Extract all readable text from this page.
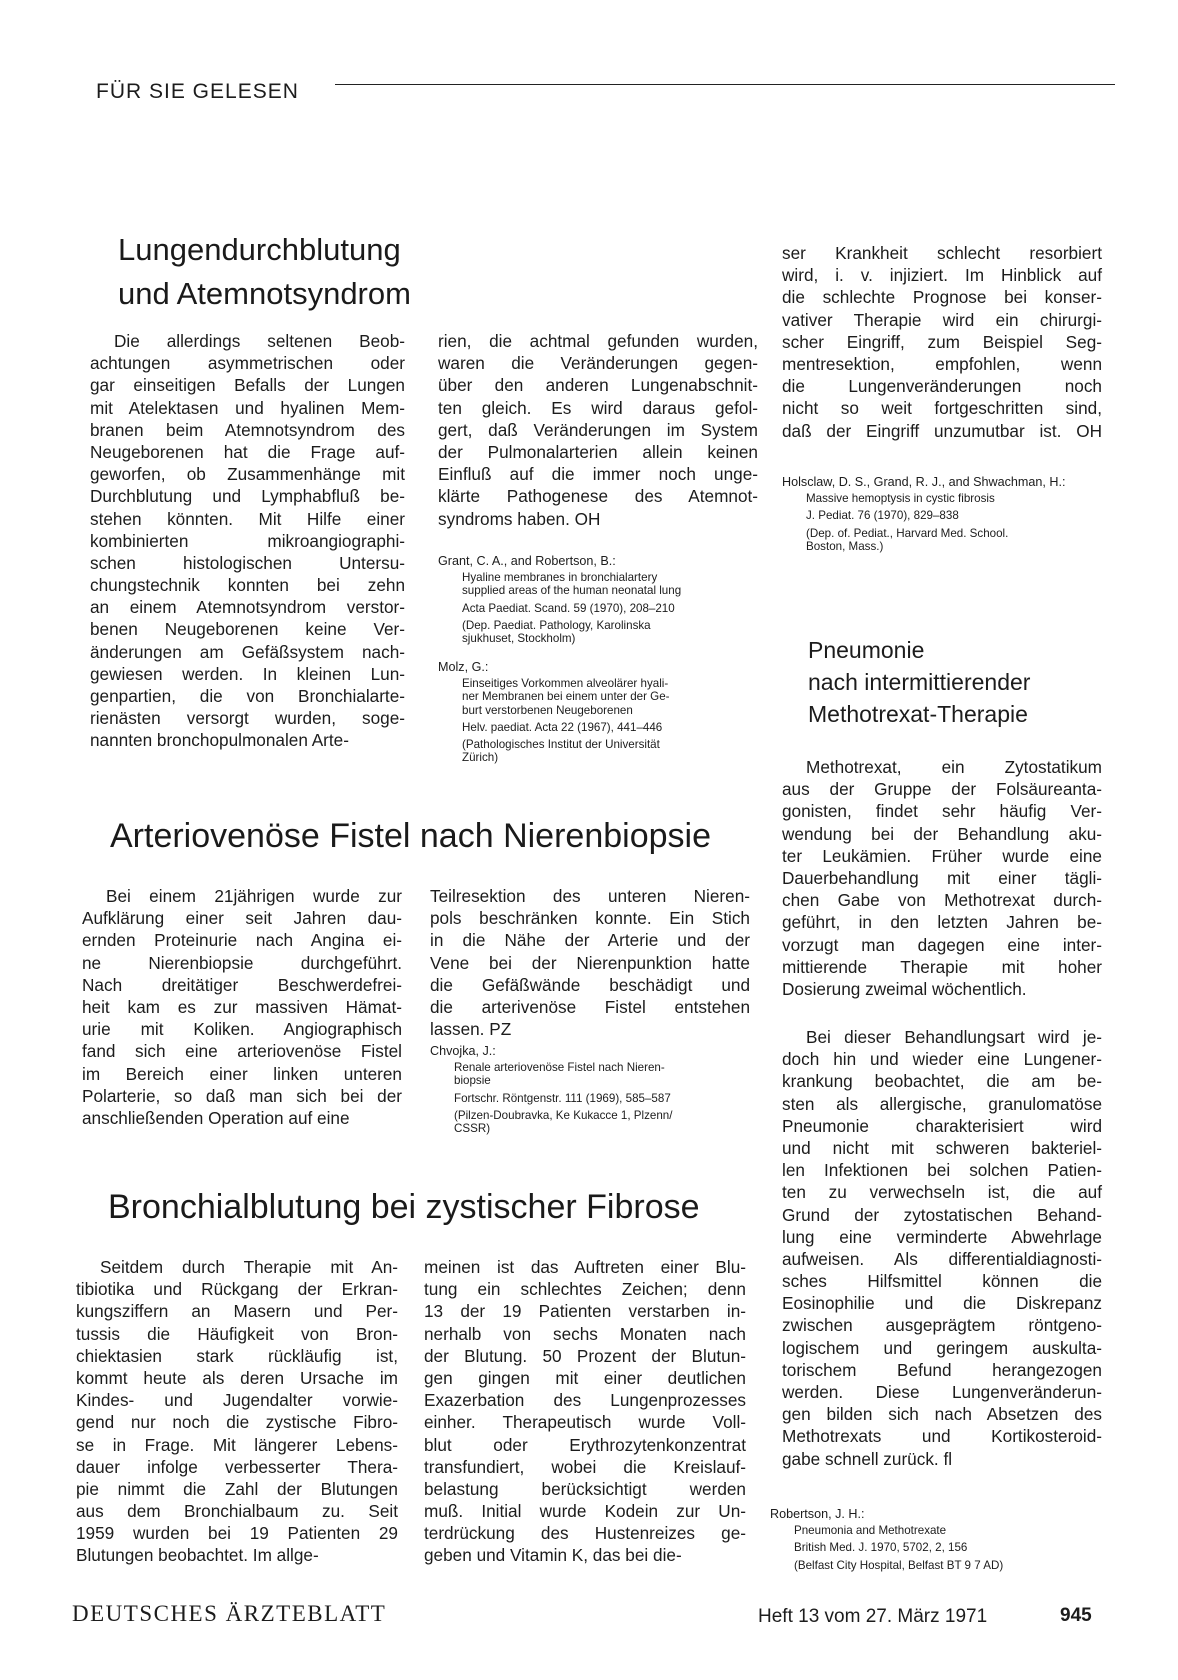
FÜR SIE GELESEN
Lungendurchblutung
und Atemnotsyndrom
Die allerdings seltenen Beob-
achtungen asymmetrischen oder
gar einseitigen Befalls der Lungen
mit Atelektasen und hyalinen Mem-
branen beim Atemnotsyndrom des
Neugeborenen hat die Frage auf-
geworfen, ob Zusammenhänge mit
Durchblutung und Lymphabfluß be-
stehen könnten. Mit Hilfe einer
kombinierten mikroangiographi-
schen histologischen Untersu-
chungstechnik konnten bei zehn
an einem Atemnotsyndrom verstor-
benen Neugeborenen keine Ver-
änderungen am Gefäßsystem nach-
gewiesen werden. In kleinen Lun-
genpartien, die von Bronchialarte-
rienästen versorgt wurden, soge-
nannten bronchopulmonalen Arte-
rien, die achtmal gefunden wurden,
waren die Veränderungen gegen-
über den anderen Lungenabschnit-
ten gleich. Es wird daraus gefol-
gert, daß Veränderungen im System
der Pulmonalarterien allein keinen
Einfluß auf die immer noch unge-
klärte Pathogenese des Atemnot-
syndroms haben. OH
Grant, C. A., and Robertson, B.:
Hyaline membranes in bronchialartery
supplied areas of the human neonatal lung
Acta Paediat. Scand. 59 (1970), 208–210
(Dep. Paediat. Pathology, Karolinska
sjukhuset, Stockholm)
Molz, G.:
Einseitiges Vorkommen alveolärer hyali-
ner Membranen bei einem unter der Ge-
burt verstorbenen Neugeborenen
Helv. paediat. Acta 22 (1967), 441–446
(Pathologisches Institut der Universität
Zürich)
Arteriovenöse Fistel nach Nierenbiopsie
Bei einem 21jährigen wurde zur
Aufklärung einer seit Jahren dau-
ernden Proteinurie nach Angina ei-
ne Nierenbiopsie durchgeführt.
Nach dreitätiger Beschwerdefrei-
heit kam es zur massiven Hämat-
urie mit Koliken. Angiographisch
fand sich eine arteriovenöse Fistel
im Bereich einer linken unteren
Polarterie, so daß man sich bei der
anschließenden Operation auf eine
Teilresektion des unteren Nieren-
pols beschränken konnte. Ein Stich
in die Nähe der Arterie und der
Vene bei der Nierenpunktion hatte
die Gefäßwände beschädigt und
die arterivenöse Fistel entstehen
lassen. PZ
Chvojka, J.:
Renale arteriovenöse Fistel nach Nieren-
biopsie
Fortschr. Röntgenstr. 111 (1969), 585–587
(Pilzen-Doubravka, Ke Kukacce 1, Plzenn/
CSSR)
Bronchialblutung bei zystischer Fibrose
Seitdem durch Therapie mit An-
tibiotika und Rückgang der Erkran-
kungsziffern an Masern und Per-
tussis die Häufigkeit von Bron-
chiektasien stark rückläufig ist,
kommt heute als deren Ursache im
Kindes- und Jugendalter vorwie-
gend nur noch die zystische Fibro-
se in Frage. Mit längerer Lebens-
dauer infolge verbesserter Thera-
pie nimmt die Zahl der Blutungen
aus dem Bronchialbaum zu. Seit
1959 wurden bei 19 Patienten 29
Blutungen beobachtet. Im allge-
meinen ist das Auftreten einer Blu-
tung ein schlechtes Zeichen; denn
13 der 19 Patienten verstarben in-
nerhalb von sechs Monaten nach
der Blutung. 50 Prozent der Blutun-
gen gingen mit einer deutlichen
Exazerbation des Lungenprozesses
einher. Therapeutisch wurde Voll-
blut oder Erythrozytenkonzentrat
transfundiert, wobei die Kreislauf-
belastung berücksichtigt werden
muß. Initial wurde Kodein zur Un-
terdrückung des Hustenreizes ge-
geben und Vitamin K, das bei die-
ser Krankheit schlecht resorbiert
wird, i. v. injiziert. Im Hinblick auf
die schlechte Prognose bei konser-
vativer Therapie wird ein chirurgi-
scher Eingriff, zum Beispiel Seg-
mentresektion, empfohlen, wenn
die Lungenveränderungen noch
nicht so weit fortgeschritten sind,
daß der Eingriff unzumutbar ist. OH
Holsclaw, D. S., Grand, R. J., and Shwachman, H.:
Massive hemoptysis in cystic fibrosis
J. Pediat. 76 (1970), 829–838
(Dep. of. Pediat., Harvard Med. School.
Boston, Mass.)
Pneumonie
nach intermittierender
Methotrexat-Therapie
Methotrexat, ein Zytostatikum
aus der Gruppe der Folsäureanta-
gonisten, findet sehr häufig Ver-
wendung bei der Behandlung aku-
ter Leukämien. Früher wurde eine
Dauerbehandlung mit einer tägli-
chen Gabe von Methotrexat durch-
geführt, in den letzten Jahren be-
vorzugt man dagegen eine inter-
mittierende Therapie mit hoher
Dosierung zweimal wöchentlich.
Bei dieser Behandlungsart wird je-
doch hin und wieder eine Lungener-
krankung beobachtet, die am be-
sten als allergische, granulomatöse
Pneumonie charakterisiert wird
und nicht mit schweren bakteriel-
len Infektionen bei solchen Patien-
ten zu verwechseln ist, die auf
Grund der zytostatischen Behand-
lung eine verminderte Abwehrlage
aufweisen. Als differentialdiagnosti-
sches Hilfsmittel können die
Eosinophilie und die Diskrepanz
zwischen ausgeprägtem röntgeno-
logischem und geringem auskulta-
torischem Befund herangezogen
werden. Diese Lungenveränderun-
gen bilden sich nach Absetzen des
Methotrexats und Kortikosteroid-
gabe schnell zurück. fl
Robertson, J. H.:
Pneumonia and Methotrexate
British Med. J. 1970, 5702, 2, 156
(Belfast City Hospital, Belfast BT 9 7 AD)
DEUTSCHES ÄRZTEBLATT	Heft 13 vom 27. März 1971	945
